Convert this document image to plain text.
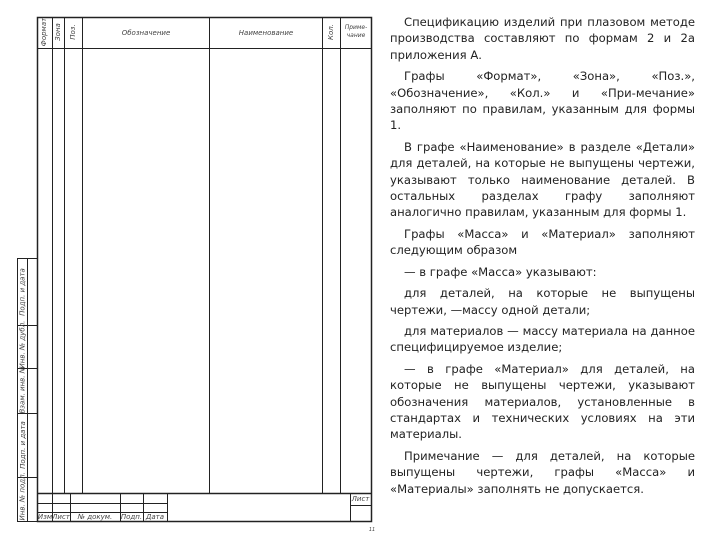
Формат Зона Поз.	Обозначение	Наименование	Кол.	Приме- чание
Подп. и дата
Инв. № дубл.
Взам. инв. №
Подп. и дата
Инв. № подл. Изм Лист	№ докум.	Подп. Дата
Лист
11

Спецификацию изделий при плазовом методе производства составляют по формам 2 и 2а приложения А.

Графы «Формат», «Зона», «Поз.», «Обозначение», «Кол.» и «При-мечание» заполняют по правилам, указанным для формы 1.

В графе «Наименование» в разделе «Детали» для деталей, на которые не выпущены чертежи, указывают только наименование деталей. В остальных разделах графу заполняют аналогично правилам, указанным для формы 1.

Графы «Масса» и «Материал» заполняют следующим образом

— в графе «Масса» указывают:

для деталей, на которые не выпущены чертежи, —массу одной детали;

для материалов — массу материала на данное специфицируемое изделие;

— в графе «Материал» для деталей, на которые не выпущены чертежи, указывают обозначения материалов, установленные в стандартах и технических условиях на эти материалы.

Примечание — для деталей, на которые выпущены чертежи, графы «Масса» и «Материалы» заполнять не допускается.
